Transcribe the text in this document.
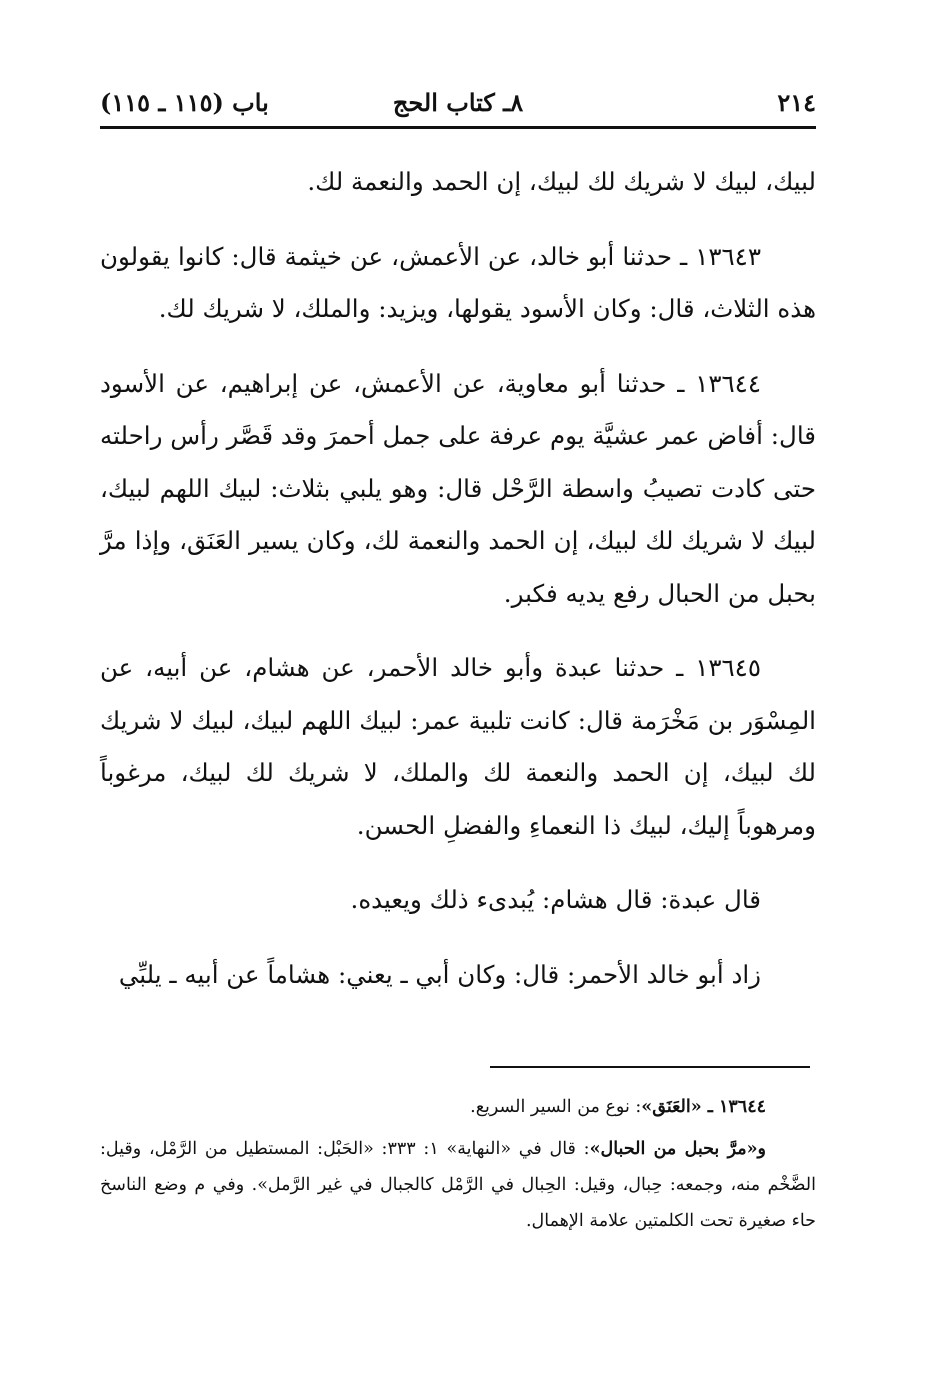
٢١٤
٨ـ كتاب الحج
باب (١١٥ ـ ١١٥)

لبيك، لبيك لا شريك لك لبيك، إن الحمد والنعمة لك.

١٣٦٤٣ ـ حدثنا أبو خالد، عن الأعمش، عن خيثمة قال: كانوا يقولون هذه الثلاث، قال: وكان الأسود يقولها، ويزيد: والملك، لا شريك لك.

١٣٦٤٤ ـ حدثنا أبو معاوية، عن الأعمش، عن إبراهيم، عن الأسود قال: أفاض عمر عشيَّة يوم عرفة على جمل أحمرَ وقد قَصَّر رأس راحلته حتى كادت تصيبُ واسطة الرَّحْل قال: وهو يلبي بثلاث: لبيك اللهم لبيك، لبيك لا شريك لك لبيك، إن الحمد والنعمة لك، وكان يسير العَنَق، وإذا مرَّ بحبل من الحبال رفع يديه فكبر.

١٣٦٤٥ ـ حدثنا عبدة وأبو خالد الأحمر، عن هشام، عن أبيه، عن المِسْوَر بن مَخْرَمة قال: كانت تلبية عمر: لبيك اللهم لبيك، لبيك لا شريك لك لبيك، إن الحمد والنعمة لك والملك، لا شريك لك لبيك، مرغوباً ومرهوباً إليك، لبيك ذا النعماءِ والفضلِ الحسن.

قال عبدة: قال هشام: يُبدىء ذلك ويعيده.

زاد أبو خالد الأحمر: قال: وكان أبي ـ يعني: هشاماً عن أبيه ـ يلبِّي

١٣٦٤٤ ـ «العَنَق»: نوع من السير السريع.

و«مرَّ بحبل من الحبال»: قال في «النهاية» ١: ٣٣٣: «الحَبْل: المستطيل من الرَّمْل، وقيل: الضَّخْم منه، وجمعه: حِبال، وقيل: الحِبال في الرَّمْل كالجبال في غير الرَّمل». وفي م وضع الناسخ حاء صغيرة تحت الكلمتين علامة الإهمال.
